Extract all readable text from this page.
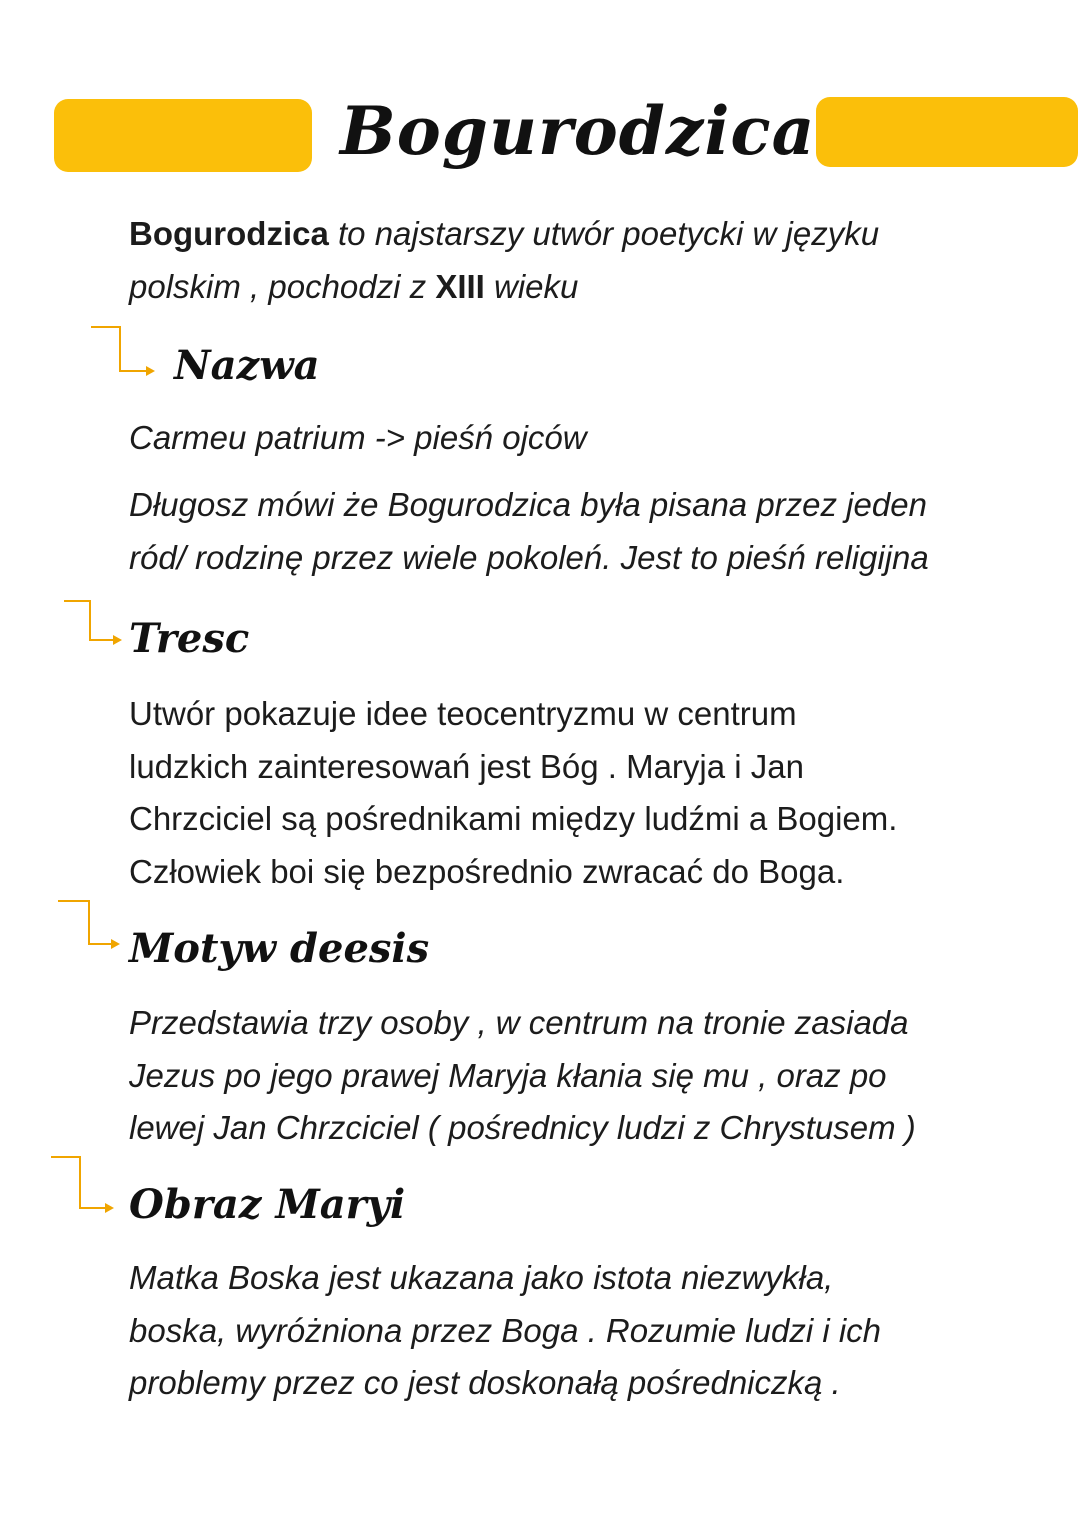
Bogurodzica

Bogurodzica to najstarszy utwór poetycki w języku

polskim , pochodzi z XIII wieku

Nazwa

Carmeu patrium -> pieśń ojców

Długosz mówi że Bogurodzica była pisana przez jeden

ród/ rodzinę przez wiele pokoleń. Jest to pieśń religijna

Tresc

Utwór pokazuje idee teocentryzmu w centrum

ludzkich zainteresowań jest Bóg . Maryja i Jan

Chrzciciel są pośrednikami między ludźmi a Bogiem.

Człowiek boi się bezpośrednio zwracać do Boga.

Motyw deesis

Przedstawia trzy osoby , w centrum na tronie zasiada

Jezus po jego prawej Maryja kłania się mu , oraz po

lewej Jan Chrzciciel ( pośrednicy ludzi z Chrystusem )

Obraz Maryi

Matka Boska jest ukazana jako istota niezwykła,

boska, wyróżniona przez Boga . Rozumie ludzi i ich

problemy przez co jest doskonałą pośredniczką .
